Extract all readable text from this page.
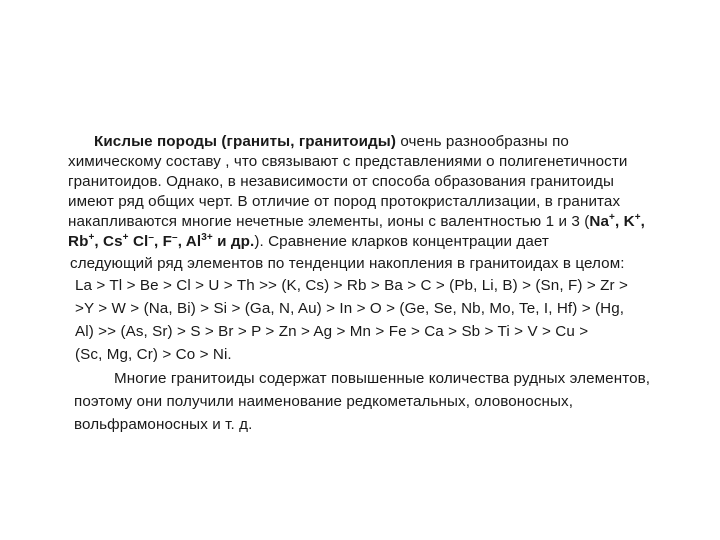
Кислые породы (граниты, гранитоиды) очень разнообразны по
химическому составу , что связывают с представлениями о полигенетичности
гранитоидов. Однако, в независимости от способа образования гранитоиды
имеют ряд общих черт. В отличие от пород протокристаллизации, в гранитах
накапливаются многие нечетные элементы, ионы с валентностью 1 и 3 (Na+, K+,
Rb+, Cs+ Cl–, F–, $Al^{3+}$ и др.). Сравнение кларков концентрации дает
следующий ряд элементов по тенденции накопления в гранитоидах в целом:
La > Tl > Be > Cl > U > Th >> (K, Cs) > Rb > Ba > C > (Pb, Li, B) > (Sn, F) > Zr >
>Y > W > (Na, Bi) > Si > (Ga, N, Au) > In > O > (Ge, Se, Nb, Mo, Te, I, Hf) > (Hg,
Al) >> (As, Sr) > S > Br > P > Zn > Ag > Mn > Fe > Ca > Sb > Ti > V > Cu >
(Sc, Mg, Cr) > Co > Ni.
Многие гранитоиды содержат повышенные количества рудных элементов,
поэтому они получили наименование редкометальных, оловоносных,
вольфрамоносных и т. д.
